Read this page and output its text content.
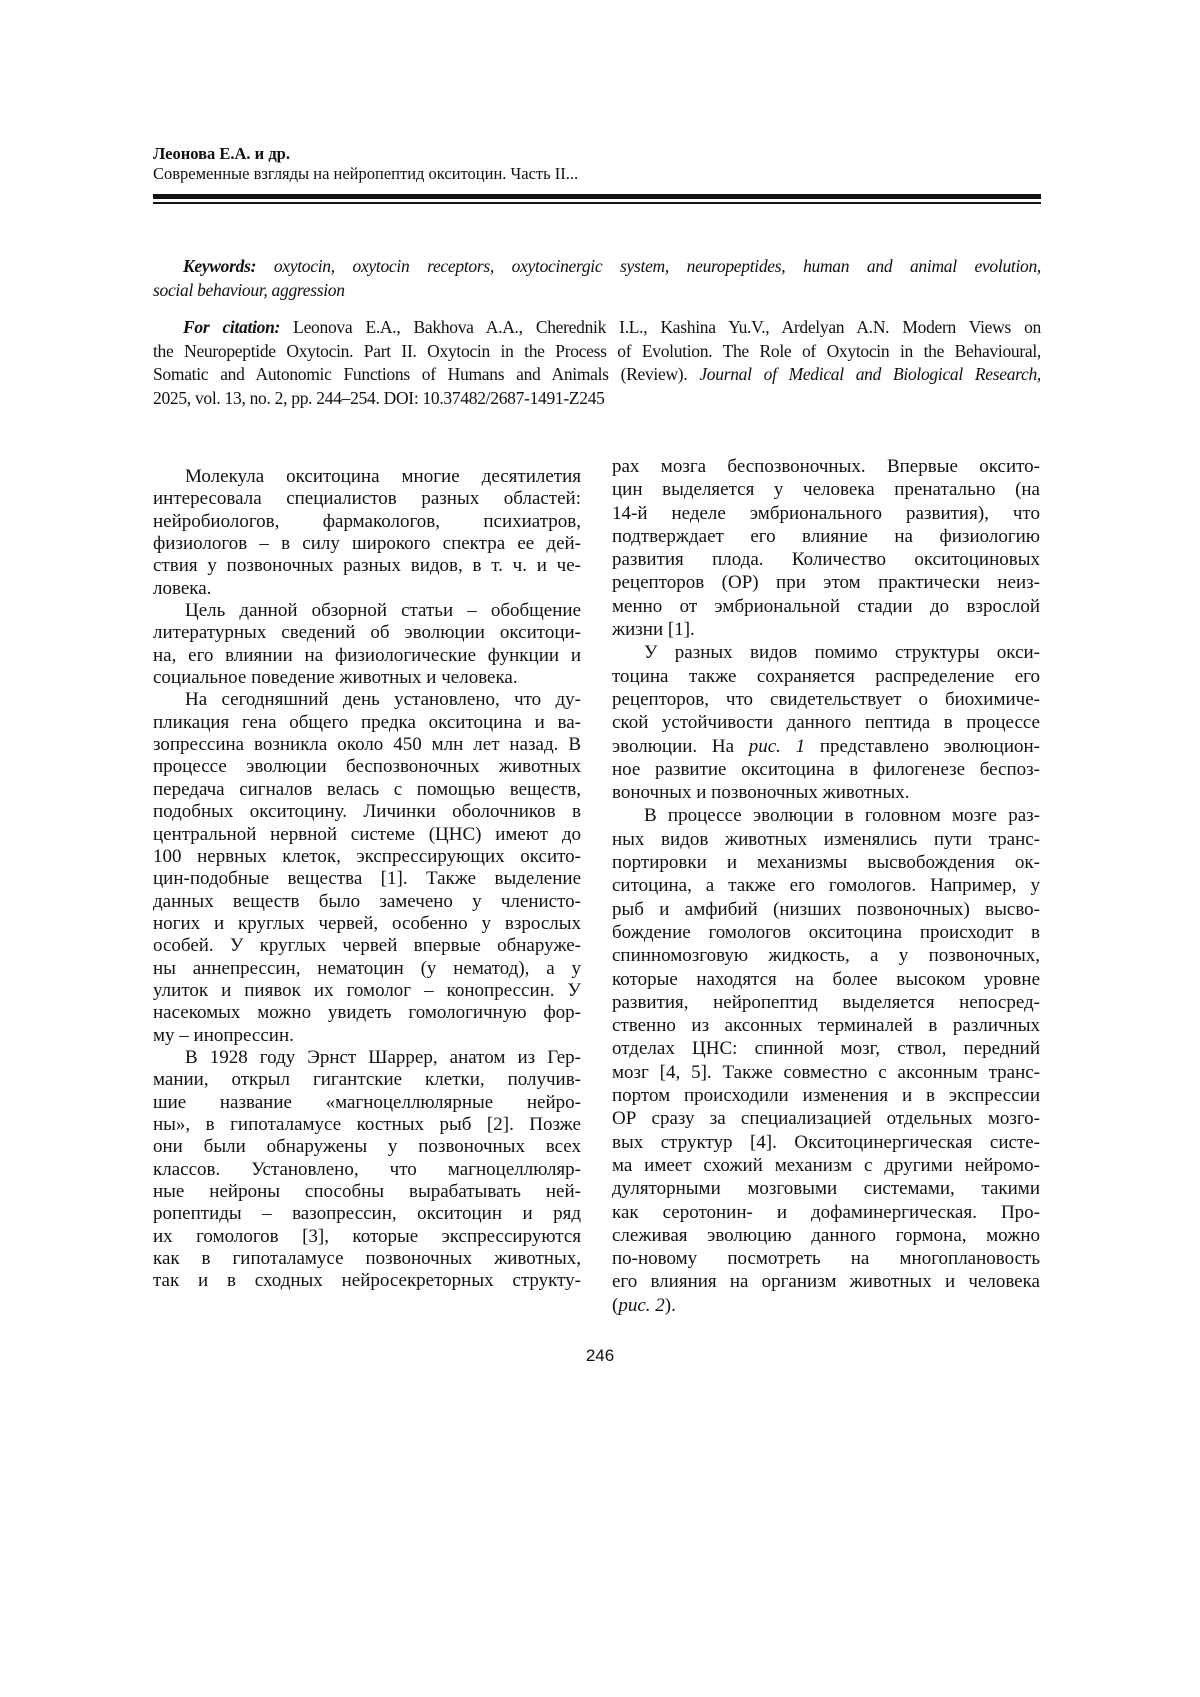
Леонова Е.А. и др.
Современные взгляды на нейропептид окситоцин. Часть II...
Keywords: oxytocin, oxytocin receptors, oxytocinergic system, neuropeptides, human and animal evolution,
social behaviour, aggression
For citation: Leonova E.A., Bakhova A.A., Cherednik I.L., Kashina Yu.V., Ardelyan A.N. Modern Views on
the Neuropeptide Oxytocin. Part II. Oxytocin in the Process of Evolution. The Role of Oxytocin in the Behavioural,
Somatic and Autonomic Functions of Humans and Animals (Review). Journal of Medical and Biological Research,
2025, vol. 13, no. 2, pp. 244–254. DOI: 10.37482/2687-1491-Z245
Молекула окситоцина многие десятилетия
интересовала специалистов разных областей:
нейробиологов, фармакологов, психиатров,
физиологов – в силу широкого спектра ее дей-
ствия у позвоночных разных видов, в т. ч. и че-
ловека.
Цель данной обзорной статьи – обобщение
литературных сведений об эволюции окситоци-
на, его влиянии на физиологические функции и
социальное поведение животных и человека.
На сегодняшний день установлено, что ду-
пликация гена общего предка окситоцина и ва-
зопрессина возникла около 450 млн лет назад. В
процессе эволюции беспозвоночных животных
передача сигналов велась с помощью веществ,
подобных окситоцину. Личинки оболочников в
центральной нервной системе (ЦНС) имеют до
100 нервных клеток, экспрессирующих оксито-
цин-подобные вещества [1]. Также выделение
данных веществ было замечено у членисто-
ногих и круглых червей, особенно у взрослых
особей. У круглых червей впервые обнаруже-
ны аннепрессин, нематоцин (у нематод), а у
улиток и пиявок их гомолог – конопрессин. У
насекомых можно увидеть гомологичную фор-
му – инопрессин.
В 1928 году Эрнст Шаррер, анатом из Гер-
мании, открыл гигантские клетки, получив-
шие название «магноцеллюлярные нейро-
ны», в гипоталамусе костных рыб [2]. Позже
они были обнаружены у позвоночных всех
классов. Установлено, что магноцеллюляр-
ные нейроны способны вырабатывать ней-
ропептиды – вазопрессин, окситоцин и ряд
их гомологов [3], которые экспрессируются
как в гипоталамусе позвоночных животных,
так и в сходных нейросекреторных структу-
рах мозга беспозвоночных. Впервые оксито-
цин выделяется у человека пренатально (на
14-й неделе эмбрионального развития), что
подтверждает его влияние на физиологию
развития плода. Количество окситоциновых
рецепторов (ОР) при этом практически неиз-
менно от эмбриональной стадии до взрослой
жизни [1].
У разных видов помимо структуры окси-
тоцина также сохраняется распределение его
рецепторов, что свидетельствует о биохимиче-
ской устойчивости данного пептида в процессе
эволюции. На рис. 1 представлено эволюцион-
ное развитие окситоцина в филогенезе беспоз-
воночных и позвоночных животных.
В процессе эволюции в головном мозге раз-
ных видов животных изменялись пути транс-
портировки и механизмы высвобождения ок-
ситоцина, а также его гомологов. Например, у
рыб и амфибий (низших позвоночных) высво-
бождение гомологов окситоцина происходит в
спинномозговую жидкость, а у позвоночных,
которые находятся на более высоком уровне
развития, нейропептид выделяется непосред-
ственно из аксонных терминалей в различных
отделах ЦНС: спинной мозг, ствол, передний
мозг [4, 5]. Также совместно с аксонным транс-
портом происходили изменения и в экспрессии
ОР сразу за специализацией отдельных мозго-
вых структур [4]. Окситоцинергическая систе-
ма имеет схожий механизм с другими нейромо-
дуляторными мозговыми системами, такими
как серотонин- и дофаминергическая. Про-
слеживая эволюцию данного гормона, можно
по-новому посмотреть на многоплановость
его влияния на организм животных и человека
(рис. 2).
246
